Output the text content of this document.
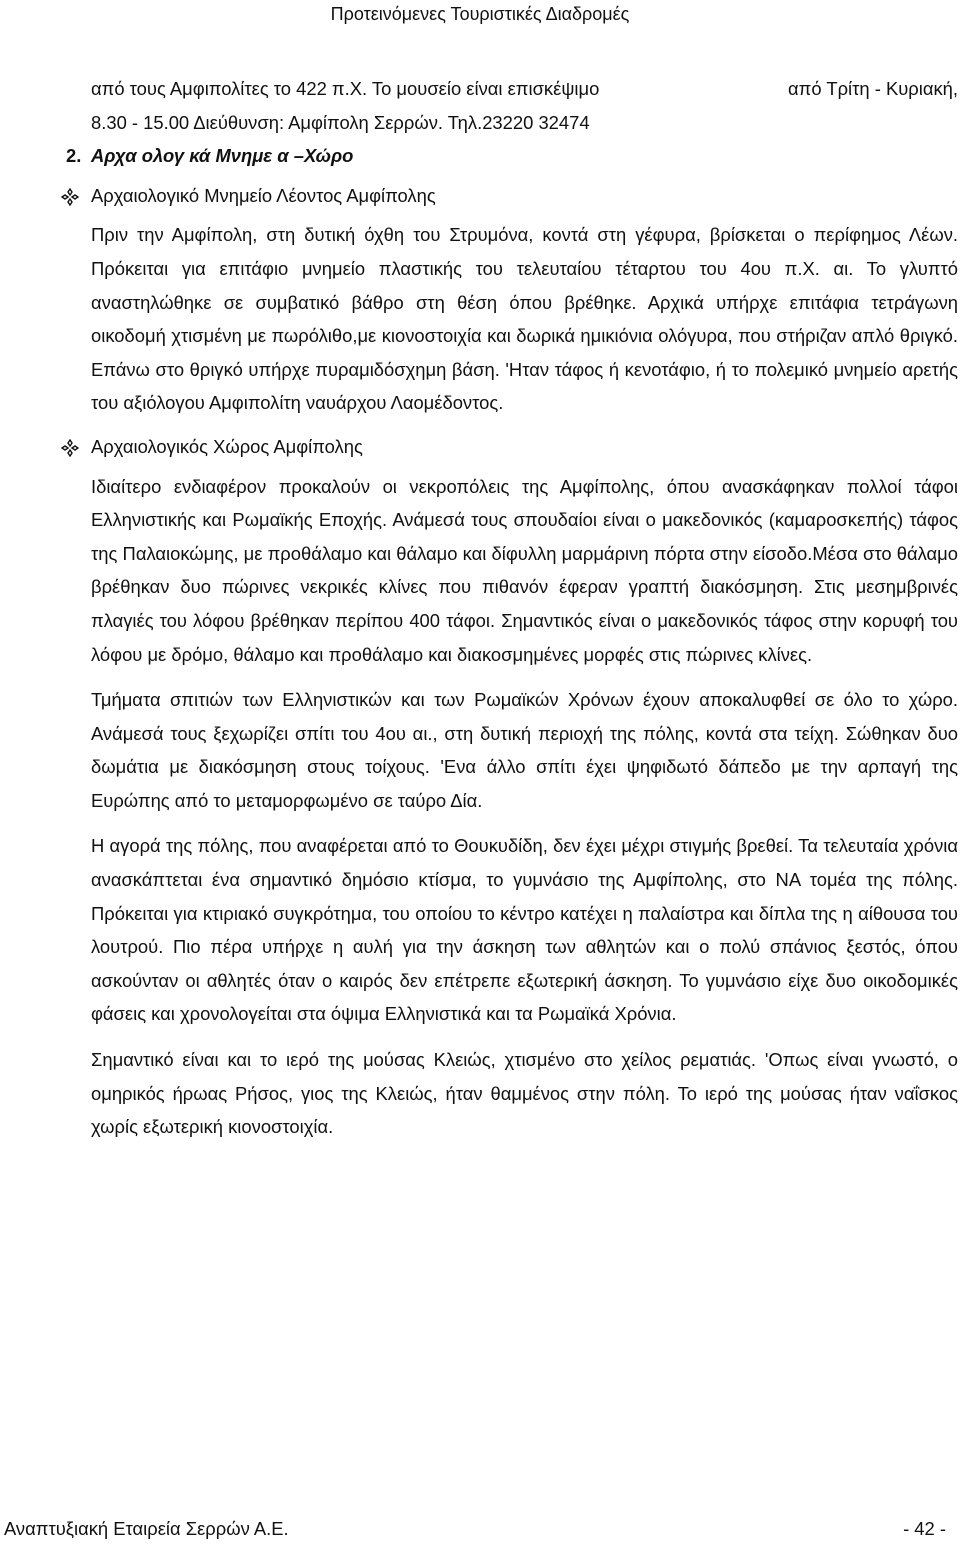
Προτεινόμενες Τουριστικές Διαδρομές
από τους Αμφιπολίτες το 422 π.Χ. Το μουσείο είναι επισκέψιμο	από Τρίτη - Κυριακή,

8.30 - 15.00 Διεύθυνση: Αμφίπολη Σερρών. Τηλ.23220 32474

2. Αρχα ολογ κά Μνημε α –Χώρο
Αρχαιολογικό Μνημείο Λέοντος Αμφίπολης

Πριν την Αμφίπολη, στη δυτική όχθη του Στρυμόνα, κοντά στη γέφυρα, βρίσκεται ο περίφημος Λέων. Πρόκειται για επιτάφιο μνημείο πλαστικής του τελευταίου τέταρτου του 4ου π.Χ. αι. Το γλυπτό αναστηλώθηκε σε συμβατικό βάθρο στη θέση όπου βρέθηκε. Αρχικά υπήρχε επιτάφια τετράγωνη οικοδομή χτισμένη με πωρόλιθο,με κιονοστοιχία και δωρικά ημικιόνια ολόγυρα, που στήριζαν απλό θριγκό. Επάνω στο θριγκό υπήρχε πυραμιδόσχημη βάση. 'Ηταν τάφος ή κενοτάφιο, ή το πολεμικό μνημείο αρετής του αξιόλογου Αμφιπολίτη ναυάρχου Λαομέδοντος.

Αρχαιολογικός Χώρος Αμφίπολης

Ιδιαίτερο ενδιαφέρον προκαλούν οι νεκροπόλεις της Αμφίπολης, όπου ανασκάφηκαν πολλοί τάφοι Ελληνιστικής και Ρωμαϊκής Εποχής. Ανάμεσά τους σπουδαίοι είναι ο μακεδονικός (καμαροσκεπής) τάφος της Παλαιοκώμης, με προθάλαμο και θάλαμο και δίφυλλη μαρμάρινη πόρτα στην είσοδο.Μέσα στο θάλαμο βρέθηκαν δυο πώρινες νεκρικές κλίνες που πιθανόν έφεραν γραπτή διακόσμηση. Στις μεσημβρινές πλαγιές του λόφου βρέθηκαν περίπου 400 τάφοι. Σημαντικός είναι ο μακεδονικός τάφος στην κορυφή του λόφου με δρόμο, θάλαμο και προθάλαμο και διακοσμημένες μορφές στις πώρινες κλίνες.

Τμήματα σπιτιών των Ελληνιστικών και των Ρωμαϊκών Χρόνων έχουν αποκαλυφθεί σε όλο το χώρο. Ανάμεσά τους ξεχωρίζει σπίτι του 4ου αι., στη δυτική περιοχή της πόλης, κοντά στα τείχη. Σώθηκαν δυο δωμάτια με διακόσμηση στους τοίχους. 'Ενα άλλο σπίτι έχει ψηφιδωτό δάπεδο με την αρπαγή της Ευρώπης από το μεταμορφωμένο σε ταύρο Δία.

Η αγορά της πόλης, που αναφέρεται από το Θουκυδίδη, δεν έχει μέχρι στιγμής βρεθεί. Τα τελευταία χρόνια ανασκάπτεται ένα σημαντικό δημόσιο κτίσμα, το γυμνάσιο της Αμφίπολης, στο ΝΑ τομέα της πόλης. Πρόκειται για κτιριακό συγκρότημα, του οποίου το κέντρο κατέχει η παλαίστρα και δίπλα της η αίθουσα του λουτρού. Πιο πέρα υπήρχε η αυλή για την άσκηση των αθλητών και ο πολύ σπάνιος ξεστός, όπου ασκούνταν οι αθλητές όταν ο καιρός δεν επέτρεπε εξωτερική άσκηση. Το γυμνάσιο είχε δυο οικοδομικές φάσεις και χρονολογείται στα όψιμα Ελληνιστικά και τα Ρωμαϊκά Χρόνια.

Σημαντικό είναι και το ιερό της μούσας Κλειώς, χτισμένο στο χείλος ρεματιάς. 'Οπως είναι γνωστό, ο ομηρικός ήρωας Ρήσος, γιος της Κλειώς, ήταν θαμμένος στην πόλη. Το ιερό της μούσας ήταν ναΐσκος χωρίς εξωτερική κιονοστοιχία.

Αναπτυξιακή Εταιρεία Σερρών Α.Ε.	- 42 -
